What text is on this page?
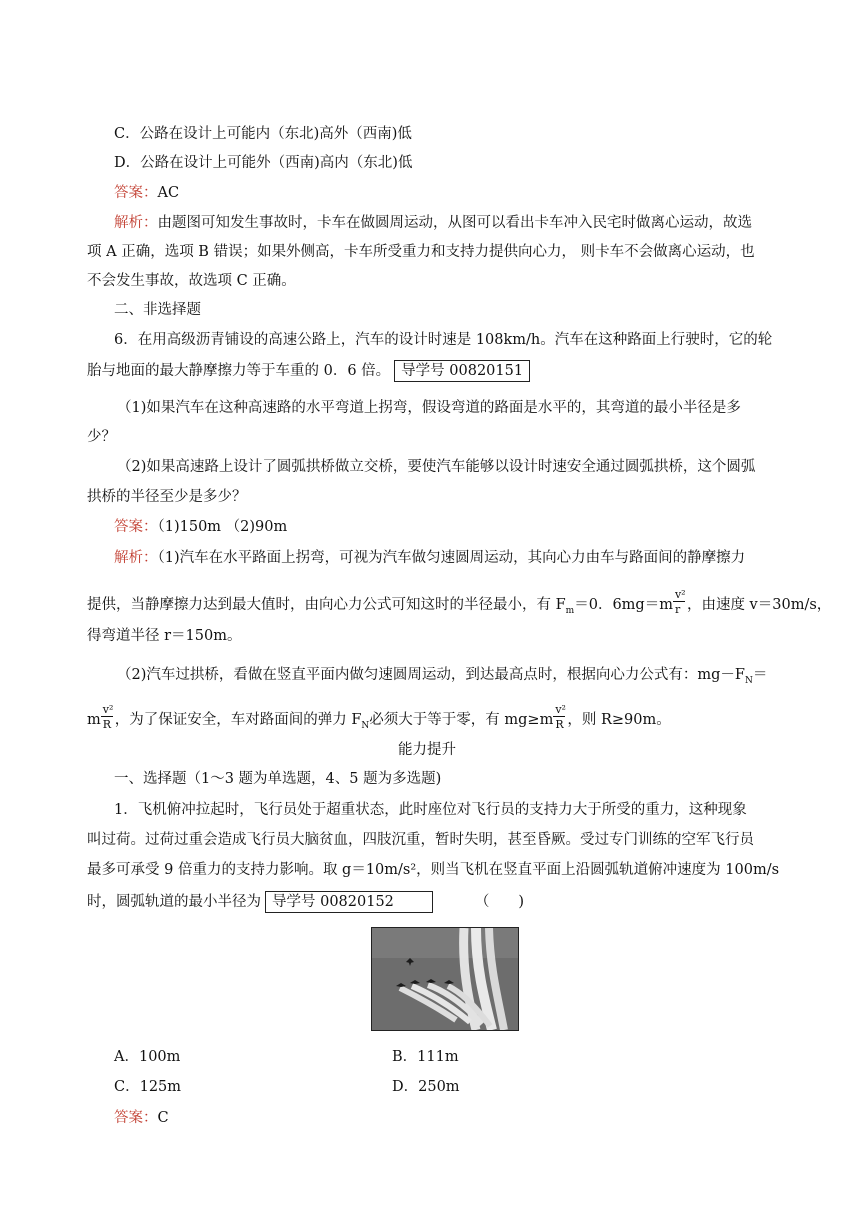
C．公路在设计上可能内（东北)高外（西南)低
D．公路在设计上可能外（西南)高内（东北)低
答案：AC
解析：由题图可知发生事故时，卡车在做圆周运动，从图可以看出卡车冲入民宅时做离心运动，故选
项 A 正确，选项 B 错误；如果外侧高，卡车所受重力和支持力提供向心力， 则卡车不会做离心运动，也
不会发生事故，故选项 C 正确。
二、非选择题
6．在用高级沥青铺设的高速公路上，汽车的设计时速是 108km/h。汽车在这种路面上行驶时，它的轮
胎与地面的最大静摩擦力等于车重的 0．6 倍。 导学号 00820151
（1)如果汽车在这种高速路的水平弯道上拐弯，假设弯道的路面是水平的，其弯道的最小半径是多
少？
（2)如果高速路上设计了圆弧拱桥做立交桥，要使汽车能够以设计时速安全通过圆弧拱桥，这个圆弧
拱桥的半径至少是多少？
答案：（1)150m （2)90m
解析：（1)汽车在水平路面上拐弯，可视为汽车做匀速圆周运动，其向心力由车与路面间的静摩擦力
提供，当静摩擦力达到最大值时，由向心力公式可知这时的半径最小，有 $F_m=0$．$6mg=m \frac{\text{v²}}{r}$ ，由速度 v＝30m/s，
得弯道半径 r＝150m。
（2)汽车过拱桥，看做在竖直平面内做匀速圆周运动，到达最高点时，根据向心力公式有：$mg-F_N=$
m $\frac{\text{v²}}{R}$ ，为了保证安全，车对路面间的弹力 $F_N$必须大于等于零，有 $mg\ge m \frac{\text{v²}}{R}$ ，则 R≥90m。
能力提升
一、选择题（1～3 题为单选题，4、5 题为多选题)
1．飞机俯冲拉起时，飞行员处于超重状态，此时座位对飞行员的支持力大于所受的重力，这种现象
叫过荷。过荷过重会造成飞行员大脑贫血，四肢沉重，暂时失明，甚至昏厥。受过专门训练的空军飞行员
最多可承受 9 倍重力的支持力影响。取 g＝10m/s²，则当飞机在竖直平面上沿圆弧轨道俯冲速度为 100m/s
时，圆弧轨道的最小半径为 导学号 00820152	（　　)
A．100m	B．111m
C．125m	D．250m
答案：C
